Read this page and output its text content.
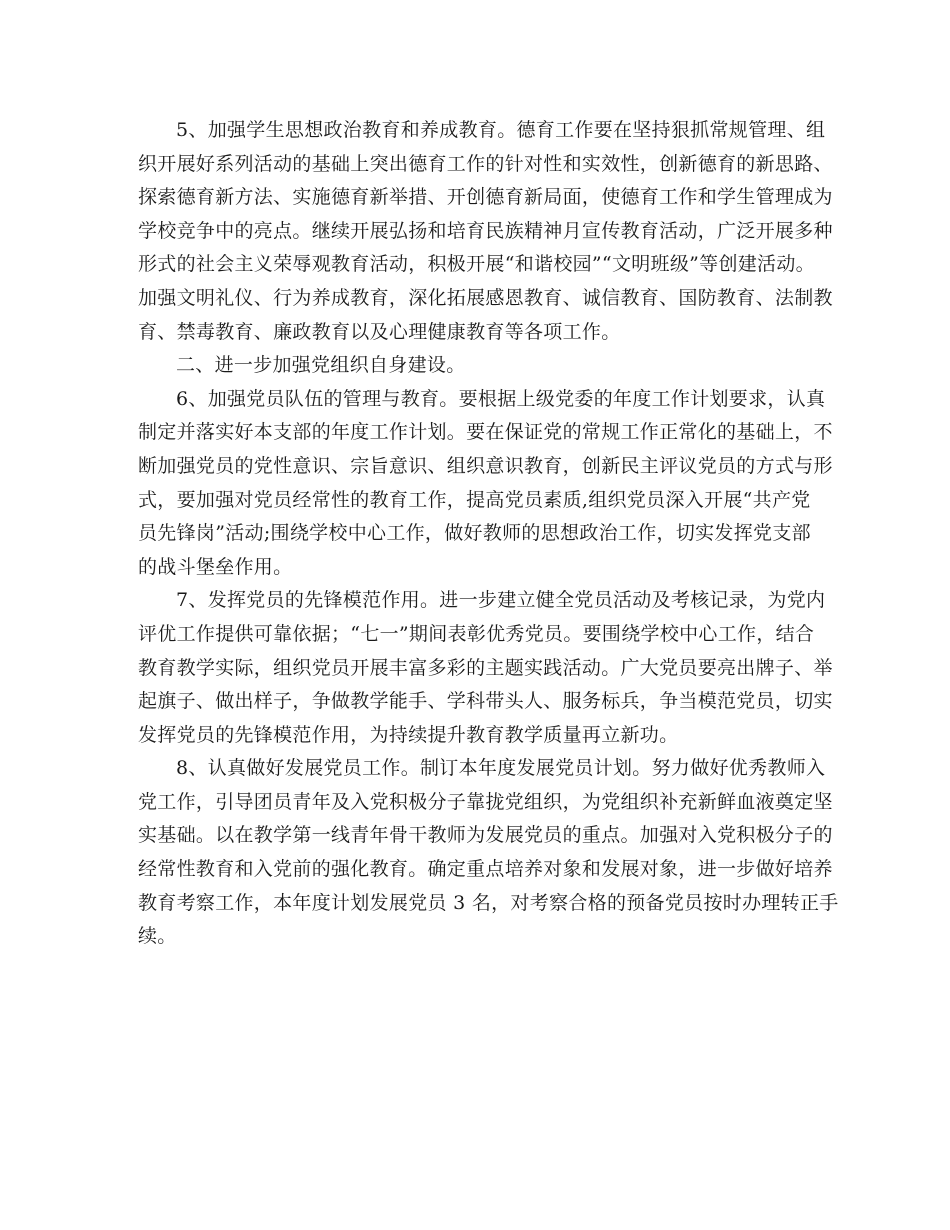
5、加强学生思想政治教育和养成教育。德育工作要在坚持狠抓常规管理、组
织开展好系列活动的基础上突出德育工作的针对性和实效性，创新德育的新思路、
探索德育新方法、实施德育新举措、开创德育新局面，使德育工作和学生管理成为
学校竞争中的亮点。继续开展弘扬和培育民族精神月宣传教育活动，广泛开展多种
形式的社会主义荣辱观教育活动，积极开展“和谐校园”“文明班级”等创建活动。
加强文明礼仪、行为养成教育，深化拓展感恩教育、诚信教育、国防教育、法制教
育、禁毒教育、廉政教育以及心理健康教育等各项工作。
二、进一步加强党组织自身建设。
6、加强党员队伍的管理与教育。要根据上级党委的年度工作计划要求，认真
制定并落实好本支部的年度工作计划。要在保证党的常规工作正常化的基础上，不
断加强党员的党性意识、宗旨意识、组织意识教育，创新民主评议党员的方式与形
式，要加强对党员经常性的教育工作，提高党员素质,组织党员深入开展“共产党
员先锋岗”活动;围绕学校中心工作，做好教师的思想政治工作，切实发挥党支部
的战斗堡垒作用。
7、发挥党员的先锋模范作用。进一步建立健全党员活动及考核记录，为党内
评优工作提供可靠依据；“七一”期间表彰优秀党员。要围绕学校中心工作，结合
教育教学实际，组织党员开展丰富多彩的主题实践活动。广大党员要亮出牌子、举
起旗子、做出样子，争做教学能手、学科带头人、服务标兵，争当模范党员，切实
发挥党员的先锋模范作用，为持续提升教育教学质量再立新功。
8、认真做好发展党员工作。制订本年度发展党员计划。努力做好优秀教师入
党工作，引导团员青年及入党积极分子靠拢党组织，为党组织补充新鲜血液奠定坚
实基础。以在教学第一线青年骨干教师为发展党员的重点。加强对入党积极分子的
经常性教育和入党前的强化教育。确定重点培养对象和发展对象，进一步做好培养
教育考察工作，本年度计划发展党员 3 名，对考察合格的预备党员按时办理转正手
续。
